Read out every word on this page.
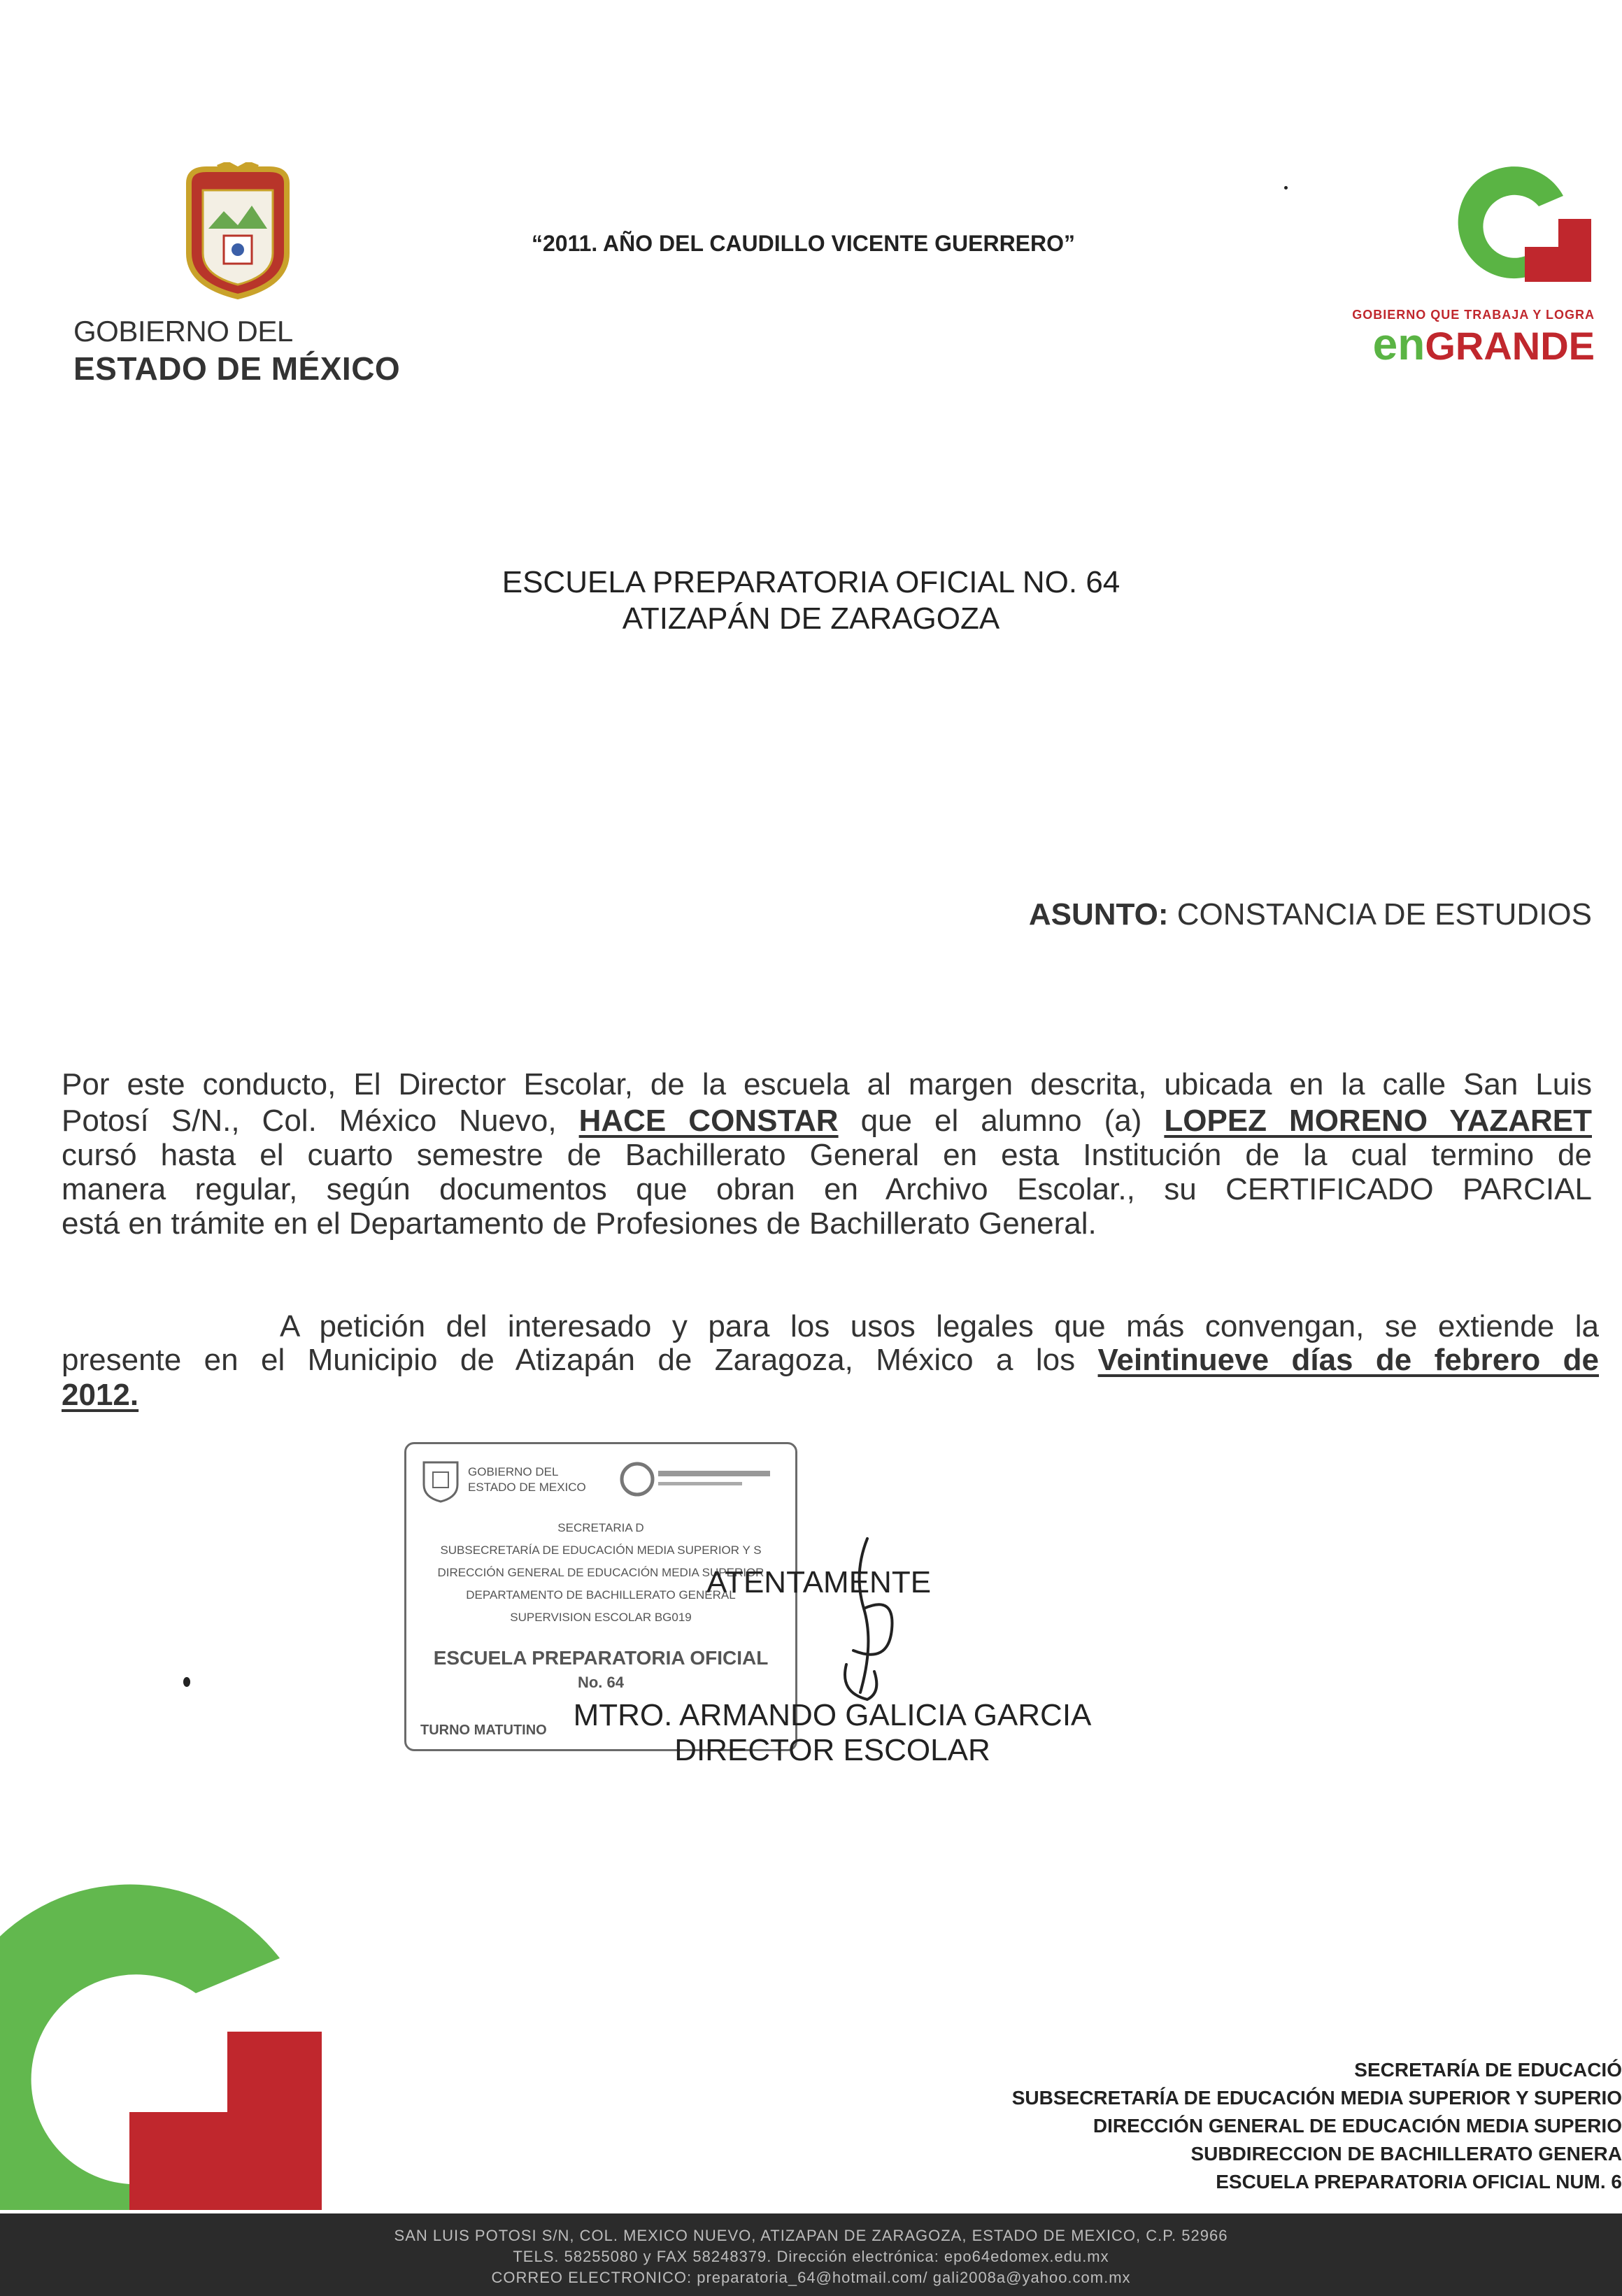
GOBIERNO DEL
ESTADO DE MÉXICO
“2011. AÑO DEL CAUDILLO VICENTE GUERRERO”
GOBIERNO QUE TRABAJA Y LOGRA
enGRANDE
ESCUELA PREPARATORIA OFICIAL NO. 64
ATIZAPÁN DE ZARAGOZA
ASUNTO: CONSTANCIA DE ESTUDIOS
Por este conducto, El Director Escolar, de la escuela al margen descrita, ubicada en la calle San Luis
Potosí S/N., Col. México Nuevo, HACE CONSTAR que el alumno (a) LOPEZ MORENO YAZARET
cursó hasta el cuarto semestre de Bachillerato General en esta Institución de la cual termino de
manera regular, según documentos que obran en Archivo Escolar., su CERTIFICADO PARCIAL
está en trámite en el Departamento de Profesiones de Bachillerato General.
A petición del interesado y para los usos legales que más convengan, se extiende la
presente en el Municipio de Atizapán de Zaragoza, México a los Veintinueve días de febrero de
2012.
GOBIERNO DEL
ESTADO DE MEXICO
SECRETARIA D
SUBSECRETARÍA DE EDUCACIÓN MEDIA SUPERIOR Y S
DIRECCIÓN GENERAL DE EDUCACIÓN MEDIA SUPERIOR
DEPARTAMENTO DE BACHILLERATO GENERAL
SUPERVISION ESCOLAR BG019
ESCUELA PREPARATORIA OFICIAL
No. 64
TURNO MATUTINO
ATENTAMENTE
MTRO. ARMANDO GALICIA GARCIA
DIRECTOR ESCOLAR
SECRETARÍA DE EDUCACIÓ
SUBSECRETARÍA DE EDUCACIÓN MEDIA SUPERIOR Y SUPERIO
DIRECCIÓN GENERAL DE EDUCACIÓN MEDIA SUPERIO
SUBDIRECCION DE BACHILLERATO GENERA
ESCUELA PREPARATORIA OFICIAL NUM. 6
SAN LUIS POTOSI S/N, COL. MEXICO NUEVO, ATIZAPAN DE ZARAGOZA, ESTADO DE MEXICO, C.P. 52966
TELS. 58255080 y FAX 58248379. Dirección electrónica: epo64edomex.edu.mx
CORREO ELECTRONICO: preparatoria_64@hotmail.com/ gali2008a@yahoo.com.mx
